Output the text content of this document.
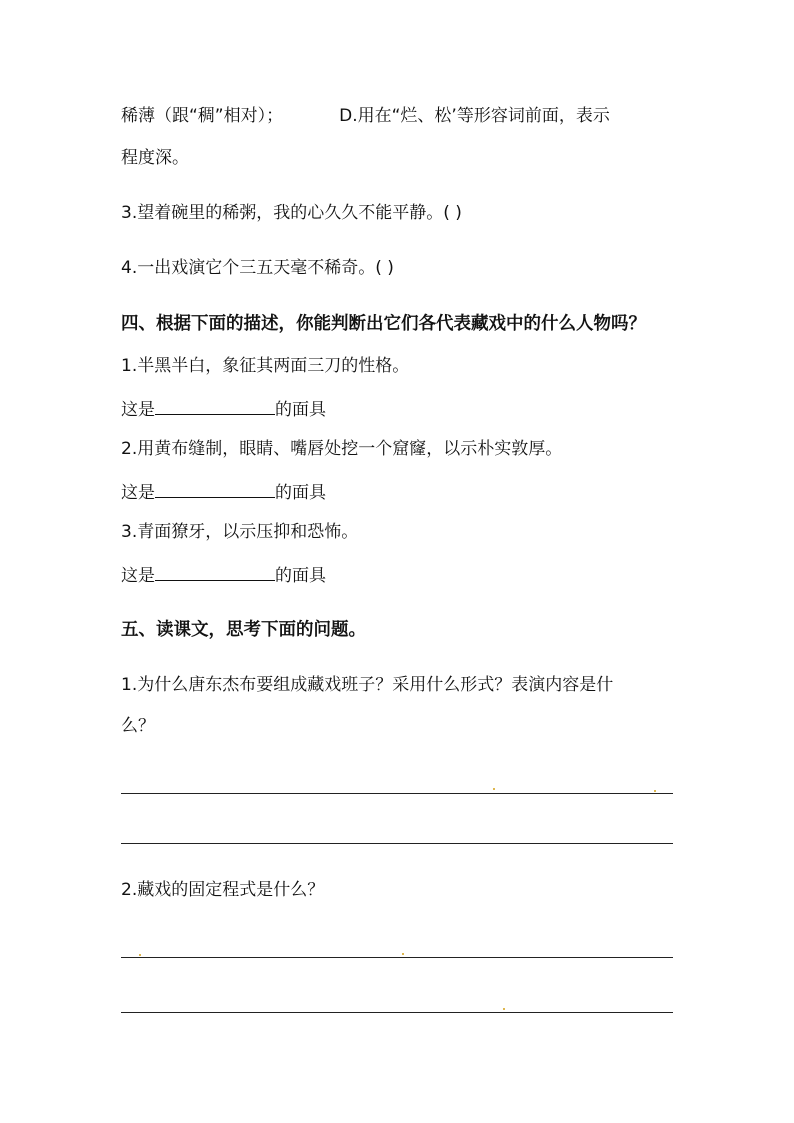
稀薄（跟“稠”相对）；	D.用在“烂、松’等形容词前面，表示
程度深。
3.望着碗里的稀粥，我的心久久不能平静。( )
4.一出戏演它个三五天毫不稀奇。( )
四、根据下面的描述，你能判断出它们各代表藏戏中的什么人物吗？
1.半黑半白，象征其两面三刀的性格。
这是	的面具
2.用黄布缝制，眼睛、嘴唇处挖一个窟窿，以示朴实敦厚。
这是	的面具
3.青面獠牙，以示压抑和恐怖。
这是	的面具
五、读课文，思考下面的问题。
1.为什么唐东杰布要组成藏戏班子？采用什么形式？表演内容是什
么？
2.藏戏的固定程式是什么？
